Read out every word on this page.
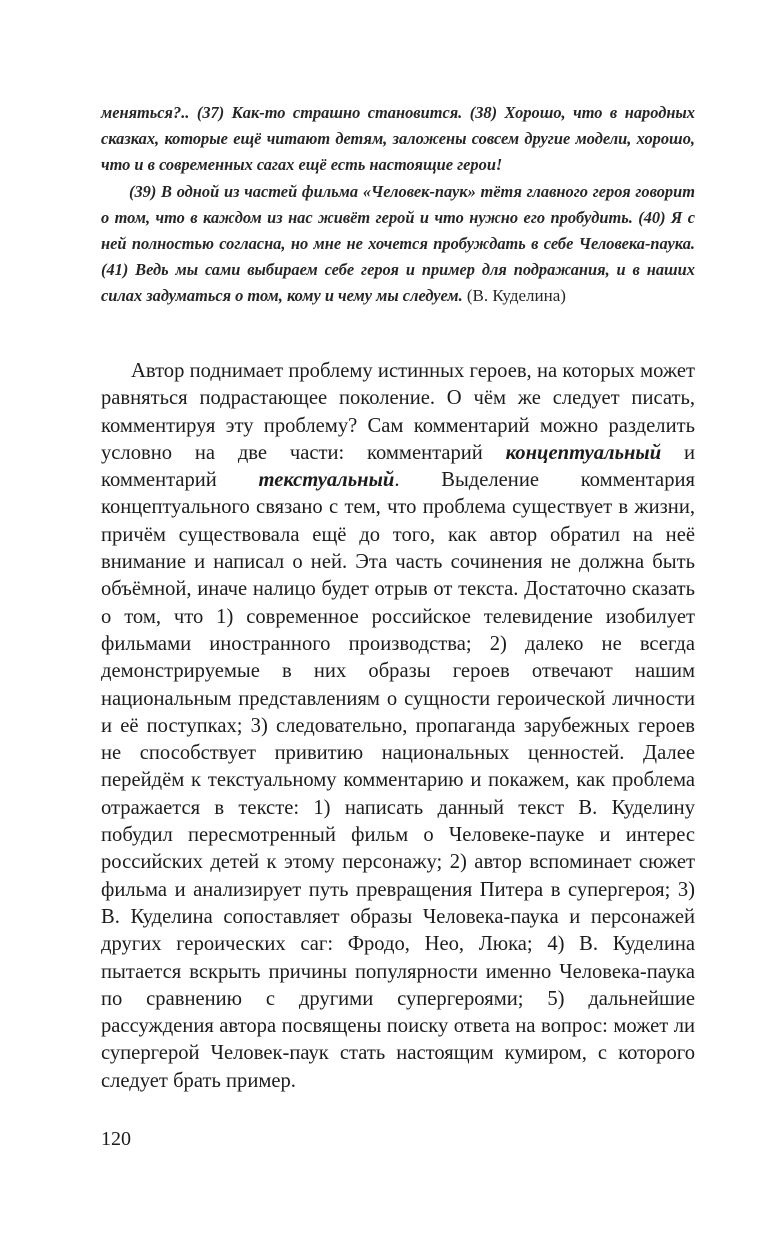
меняться?.. (37) Как-то страшно становится. (38) Хорошо, что в народных сказках, которые ещё читают детям, заложены совсем другие модели, хорошо, что и в современных сагах ещё есть настоящие герои!

(39) В одной из частей фильма «Человек-паук» тётя главного героя говорит о том, что в каждом из нас живёт герой и что нужно его пробудить. (40) Я с ней полностью согласна, но мне не хочется пробуждать в себе Человека-паука. (41) Ведь мы сами выбираем себе героя и пример для подражания, и в наших силах задуматься о том, кому и чему мы следуем. (В. Куделина)

Автор поднимает проблему истинных героев, на которых может равняться подрастающее поколение. О чём же следует писать, комментируя эту проблему? Сам комментарий можно разделить условно на две части: комментарий концептуальный и комментарий текстуальный. Выделение комментария концептуального связано с тем, что проблема существует в жизни, причём существовала ещё до того, как автор обратил на неё внимание и написал о ней. Эта часть сочинения не должна быть объёмной, иначе налицо будет отрыв от текста. Достаточно сказать о том, что 1) современное российское телевидение изобилует фильмами иностранного производства; 2) далеко не всегда демонстрируемые в них образы героев отвечают нашим национальным представлениям о сущности героической личности и её поступках; 3) следовательно, пропаганда зарубежных героев не способствует привитию национальных ценностей. Далее перейдём к текстуальному комментарию и покажем, как проблема отражается в тексте: 1) написать данный текст В. Куделину побудил пересмотренный фильм о Человеке-пауке и интерес российских детей к этому персонажу; 2) автор вспоминает сюжет фильма и анализирует путь превращения Питера в супергероя; 3) В. Куделина сопоставляет образы Человека-паука и персонажей других героических саг: Фродо, Нео, Люка; 4) В. Куделина пытается вскрыть причины популярности именно Человека-паука по сравнению с другими супергероями; 5) дальнейшие рассуждения автора посвящены поиску ответа на вопрос: может ли супергерой Человек-паук стать настоящим кумиром, с которого следует брать пример.

120
